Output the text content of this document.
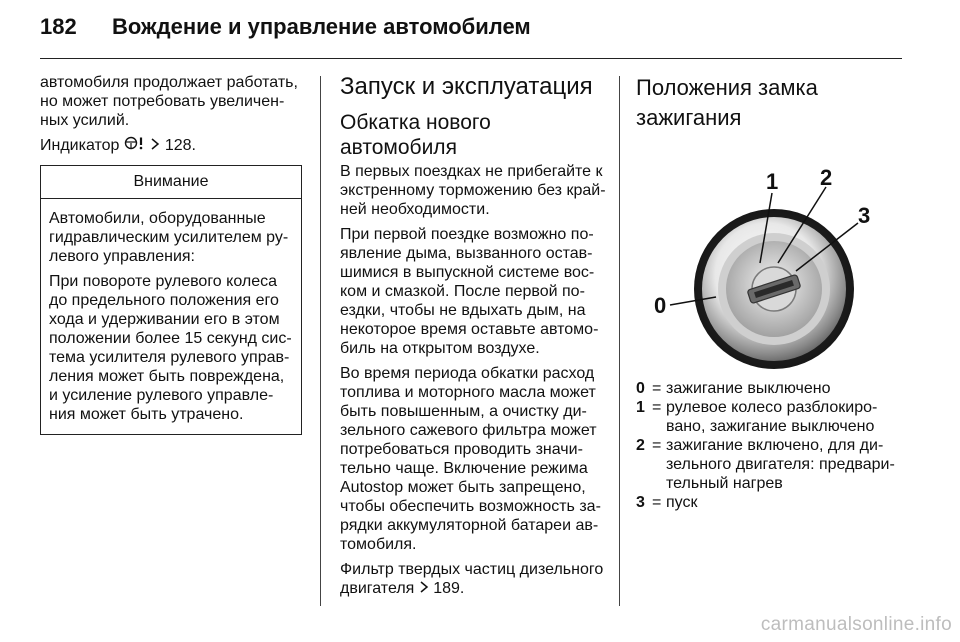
182 Вождение и управление автомобилем

автомобиля продолжает работать, но может потребовать увеличенных усилий.

Индикатор	128.

Внимание

Автомобили, оборудованные гидравлическим усилителем рулевого управления:

При повороте рулевого колеса до предельного положения его хода и удерживании его в этом положении более 15 секунд система усилителя рулевого управления может быть повреждена, и усиление рулевого управления может быть утрачено.

Запуск и эксплуатация
Обкатка нового автомобиля

В первых поездках не прибегайте к экстренному торможению без крайней необходимости.

При первой поездке возможно появление дыма, вызванного оставшимися в выпускной системе воском и смазкой. После первой поездки, чтобы не вдыхать дым, на некоторое время оставьте автомобиль на открытом воздухе.

Во время периода обкатки расход топлива и моторного масла может быть повышенным, а очистку дизельного сажевого фильтра может потребоваться проводить значительно чаще. Включение режима Autostop может быть запрещено, чтобы обеспечить возможность зарядки аккумуляторной батареи автомобиля.

Фильтр твердых частиц дизельного двигателя 189.

Положения замка зажигания
0
1 2
3
0 = зажигание выключено
1 = рулевое колесо разблокировано, зажигание выключено
2 = зажигание включено, для дизельного двигателя: предварительный нагрев
3 = пуск
carmanualsonline.info
